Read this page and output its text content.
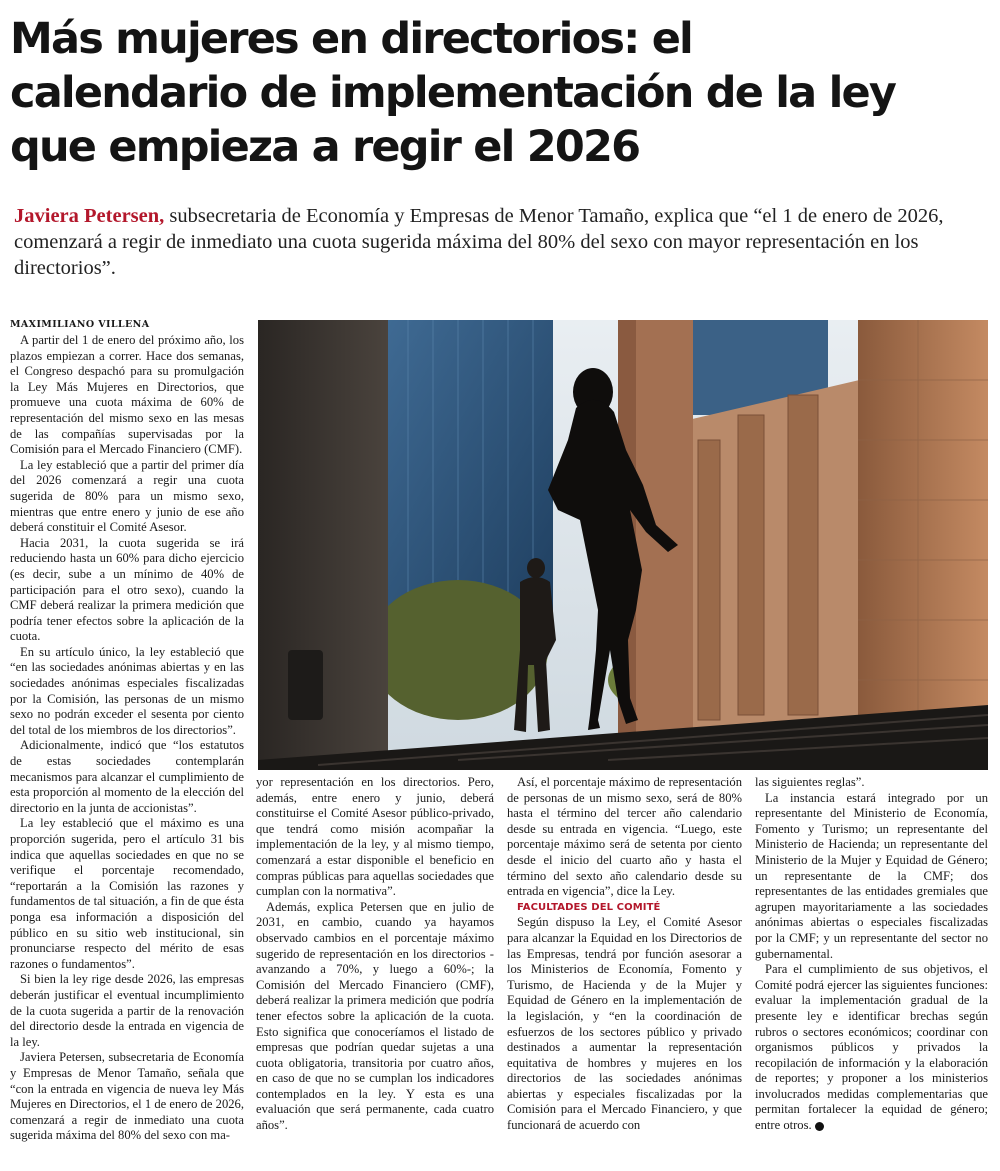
Más mujeres en directorios: el
calendario de implementación de la ley
que empieza a regir el 2026

Javiera Petersen, subsecretaria de Economía y Empresas de Menor Tamaño, explica que “el 1 de enero de 2026, comenzará a regir de inmediato una cuota sugerida máxima del 80% del sexo con mayor representación en los directorios”.

MAXIMILIANO VILLENA

A partir del 1 de enero del próximo año, los plazos empiezan a correr. Hace dos semanas, el Congreso despachó para su promulgación la Ley Más Mujeres en Directorios, que promueve una cuota máxima de 60% de representación del mismo sexo en las mesas de las compañías supervisadas por la Comisión para el Mercado Financiero (CMF).

La ley estableció que a partir del primer día del 2026 comenzará a regir una cuota sugerida de 80% para un mismo sexo, mientras que entre enero y junio de ese año deberá constituir el Comité Asesor.

Hacia 2031, la cuota sugerida se irá reduciendo hasta un 60% para dicho ejercicio (es decir, sube a un mínimo de 40% de participación para el otro sexo), cuando la CMF deberá realizar la primera medición que podría tener efectos sobre la aplicación de la cuota.

En su artículo único, la ley estableció que “en las sociedades anónimas abiertas y en las sociedades anónimas especiales fiscalizadas por la Comisión, las personas de un mismo sexo no podrán exceder el sesenta por ciento del total de los miembros de los directorios”.

Adicionalmente, indicó que “los estatutos de estas sociedades contemplarán mecanismos para alcanzar el cumplimiento de esta proporción al momento de la elección del directorio en la junta de accionistas”.

La ley estableció que el máximo es una proporción sugerida, pero el artículo 31 bis indica que aquellas sociedades en que no se verifique el porcentaje recomendado, “reportarán a la Comisión las razones y fundamentos de tal situación, a fin de que ésta ponga esa información a disposición del público en su sitio web institucional, sin pronunciarse respecto del mérito de esas razones o fundamentos”.

Si bien la ley rige desde 2026, las empresas deberán justificar el eventual incumplimiento de la cuota sugerida a partir de la renovación del directorio desde la entrada en vigencia de la ley.

Javiera Petersen, subsecretaria de Economía y Empresas de Menor Tamaño, señala que “con la entrada en vigencia de nueva ley Más Mujeres en Directorios, el 1 de enero de 2026, comenzará a regir de inmediato una cuota sugerida máxima del 80% del sexo con ma-

yor representación en los directorios. Pero, además, entre enero y junio, deberá constituirse el Comité Asesor público-privado, que tendrá como misión acompañar la implementación de la ley, y al mismo tiempo, comenzará a estar disponible el beneficio en compras públicas para aquellas sociedades que cumplan con la normativa”.

Además, explica Petersen que en julio de 2031, en cambio, cuando ya hayamos observado cambios en el porcentaje máximo sugerido de representación en los directorios -avanzando a 70%, y luego a 60%-; la Comisión del Mercado Financiero (CMF), deberá realizar la primera medición que podría tener efectos sobre la aplicación de la cuota. Esto significa que conoceríamos el listado de empresas que podrían quedar sujetas a una cuota obligatoria, transitoria por cuatro años, en caso de que no se cumplan los indicadores contemplados en la ley. Y esta es una evaluación que será permanente, cada cuatro años”.

Así, el porcentaje máximo de representación de personas de un mismo sexo, será de 80% hasta el término del tercer año calendario desde su entrada en vigencia. “Luego, este porcentaje máximo será de setenta por ciento desde el inicio del cuarto año y hasta el término del sexto año calendario desde su entrada en vigencia”, dice la Ley.

FACULTADES DEL COMITÉ

Según dispuso la Ley, el Comité Asesor para alcanzar la Equidad en los Directorios de las Empresas, tendrá por función asesorar a los Ministerios de Economía, Fomento y Turismo, de Hacienda y de la Mujer y Equidad de Género en la implementación de la legislación, y “en la coordinación de esfuerzos de los sectores público y privado destinados a aumentar la representación equitativa de hombres y mujeres en los directorios de las sociedades anónimas abiertas y especiales fiscalizadas por la Comisión para el Mercado Financiero, y que funcionará de acuerdo con

las siguientes reglas”.

La instancia estará integrado por un representante del Ministerio de Economía, Fomento y Turismo; un representante del Ministerio de Hacienda; un representante del Ministerio de la Mujer y Equidad de Género; un representante de la CMF; dos representantes de las entidades gremiales que agrupen mayoritariamente a las sociedades anónimas abiertas o especiales fiscalizadas por la CMF; y un representante del sector no gubernamental.

Para el cumplimiento de sus objetivos, el Comité podrá ejercer las siguientes funciones: evaluar la implementación gradual de la presente ley e identificar brechas según rubros o sectores económicos; coordinar con organismos públicos y privados la recopilación de información y la elaboración de reportes; y proponer a los ministerios involucrados medidas complementarias que permitan fortalecer la equidad de género; entre otros.
